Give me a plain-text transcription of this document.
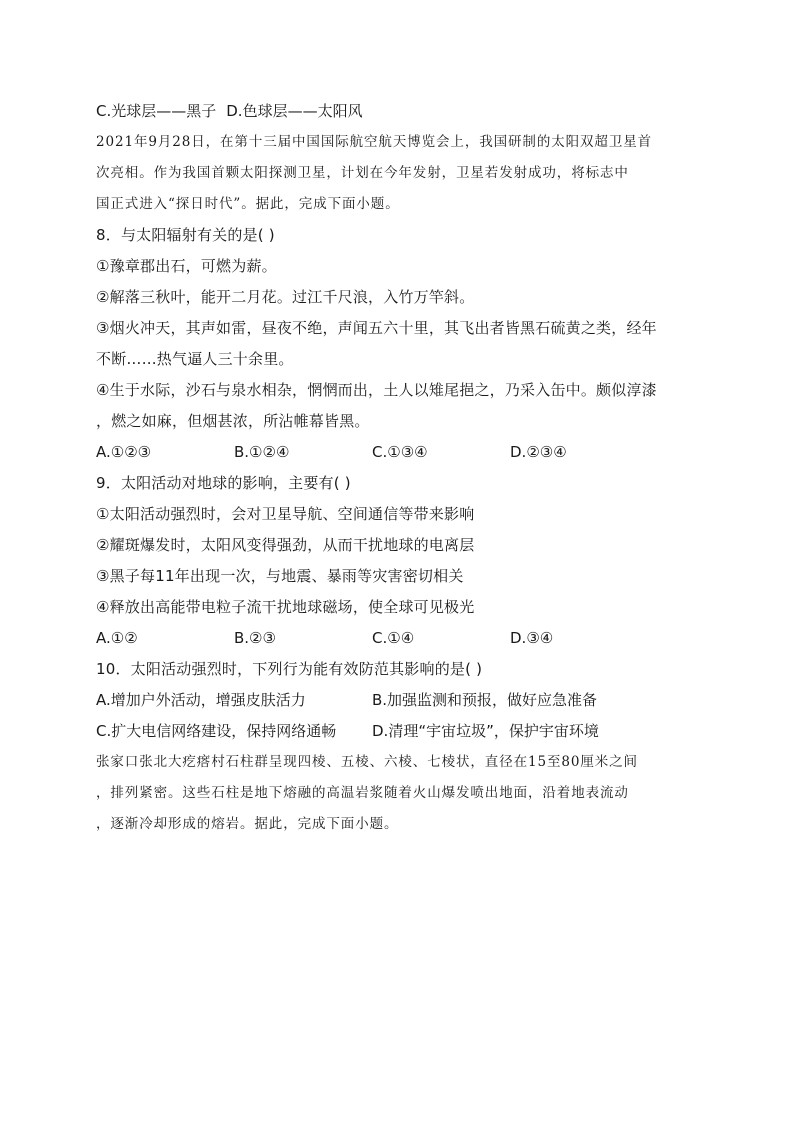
C.光球层——黑子 D.色球层——太阳风
2021年9月28日，在第十三届中国国际航空航天博览会上，我国研制的太阳双超卫星首
次亮相。作为我国首颗太阳探测卫星，计划在今年发射，卫星若发射成功，将标志中
国正式进入“探日时代”。据此，完成下面小题。
8．与太阳辐射有关的是( )
①豫章郡出石，可燃为薪。
②解落三秋叶，能开二月花。过江千尺浪，入竹万竿斜。
③烟火冲天，其声如雷，昼夜不绝，声闻五六十里，其飞出者皆黑石硫黄之类，经年
不断……热气逼人三十余里。
④生于水际，沙石与泉水相杂，惘惘而出，土人以雉尾挹之，乃采入缶中。颇似淳漆
，燃之如麻，但烟甚浓，所沾帷幕皆黑。
A.①②③	B.①②④	C.①③④	D.②③④
9．太阳活动对地球的影响，主要有( )
①太阳活动强烈时，会对卫星导航、空间通信等带来影响
②耀斑爆发时，太阳风变得强劲，从而干扰地球的电离层
③黑子每11年出现一次，与地震、暴雨等灾害密切相关
④释放出高能带电粒子流干扰地球磁场，使全球可见极光
A.①②	B.②③	C.①④	D.③④
10．太阳活动强烈时，下列行为能有效防范其影响的是( )
A.增加户外活动，增强皮肤活力	B.加强监测和预报，做好应急准备
C.扩大电信网络建设，保持网络通畅	D.清理“宇宙垃圾”，保护宇宙环境
张家口张北大疙瘩村石柱群呈现四棱、五棱、六棱、七棱状，直径在15至80厘米之间
，排列紧密。这些石柱是地下熔融的高温岩浆随着火山爆发喷出地面，沿着地表流动
，逐渐冷却形成的熔岩。据此，完成下面小题。
